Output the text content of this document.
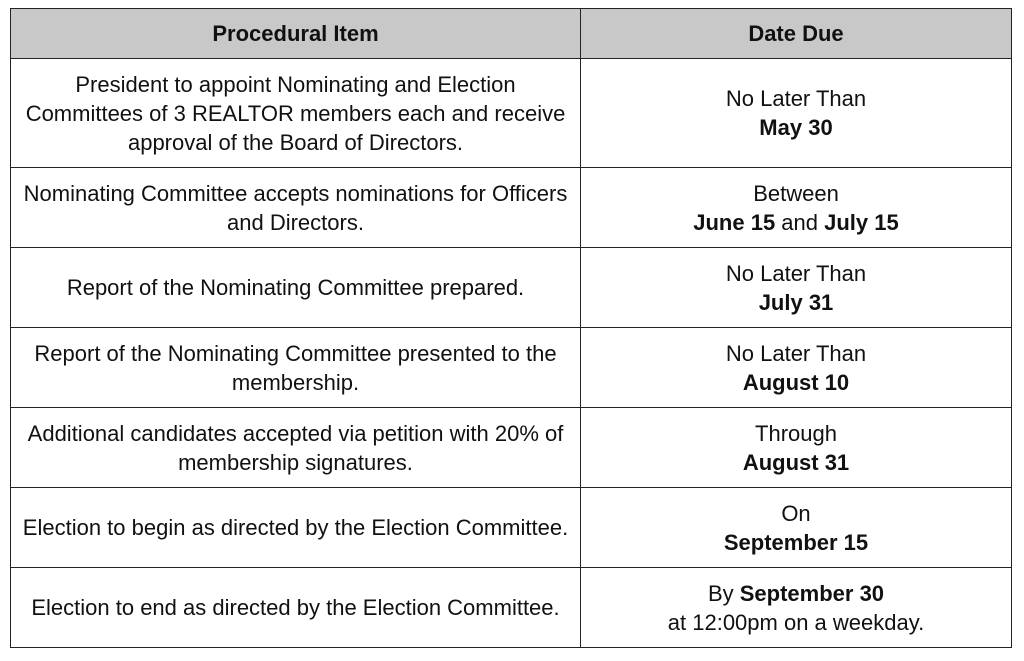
Procedural Item	Date Due
President to appoint Nominating and Election Committees of 3 REALTOR members each and receive approval of the Board of Directors.	No Later Than
May 30

Nominating Committee accepts nominations for Officers and Directors.	Between
June 15 and July 15

Report of the Nominating Committee prepared.	No Later Than
July 31

Report of the Nominating Committee presented to the membership.	No Later Than
August 10

Additional candidates accepted via petition with 20% of membership signatures.	Through
August 31

Election to begin as directed by the Election Committee.	On
September 15

Election to end as directed by the Election Committee.	By September 30
at 12:00pm on a weekday.
